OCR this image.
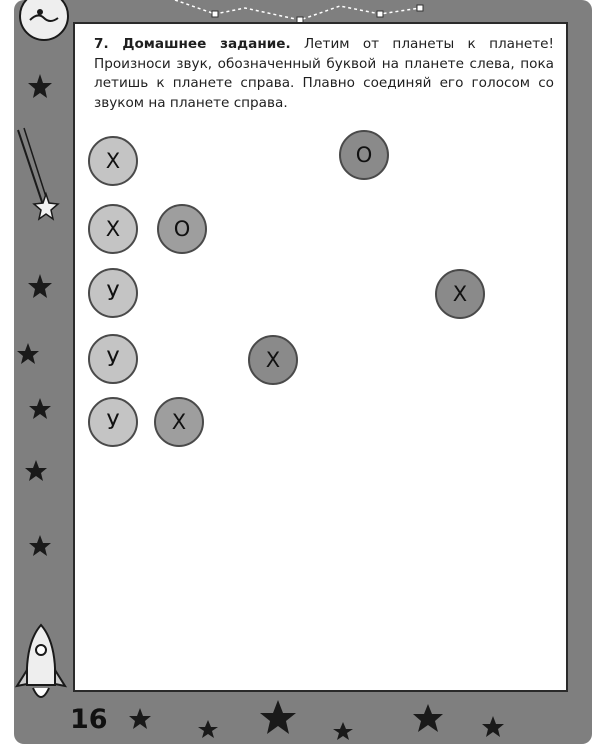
7. Домашнее задание. Летим от планеты к планете! Произноси звук, обозначенный буквой на планете слева, пока летишь к планете справа. Плавно соединяй его голосом со звуком на планете справа.

Х
Х
У
У
У
О
О
Х
Х
Х
16
